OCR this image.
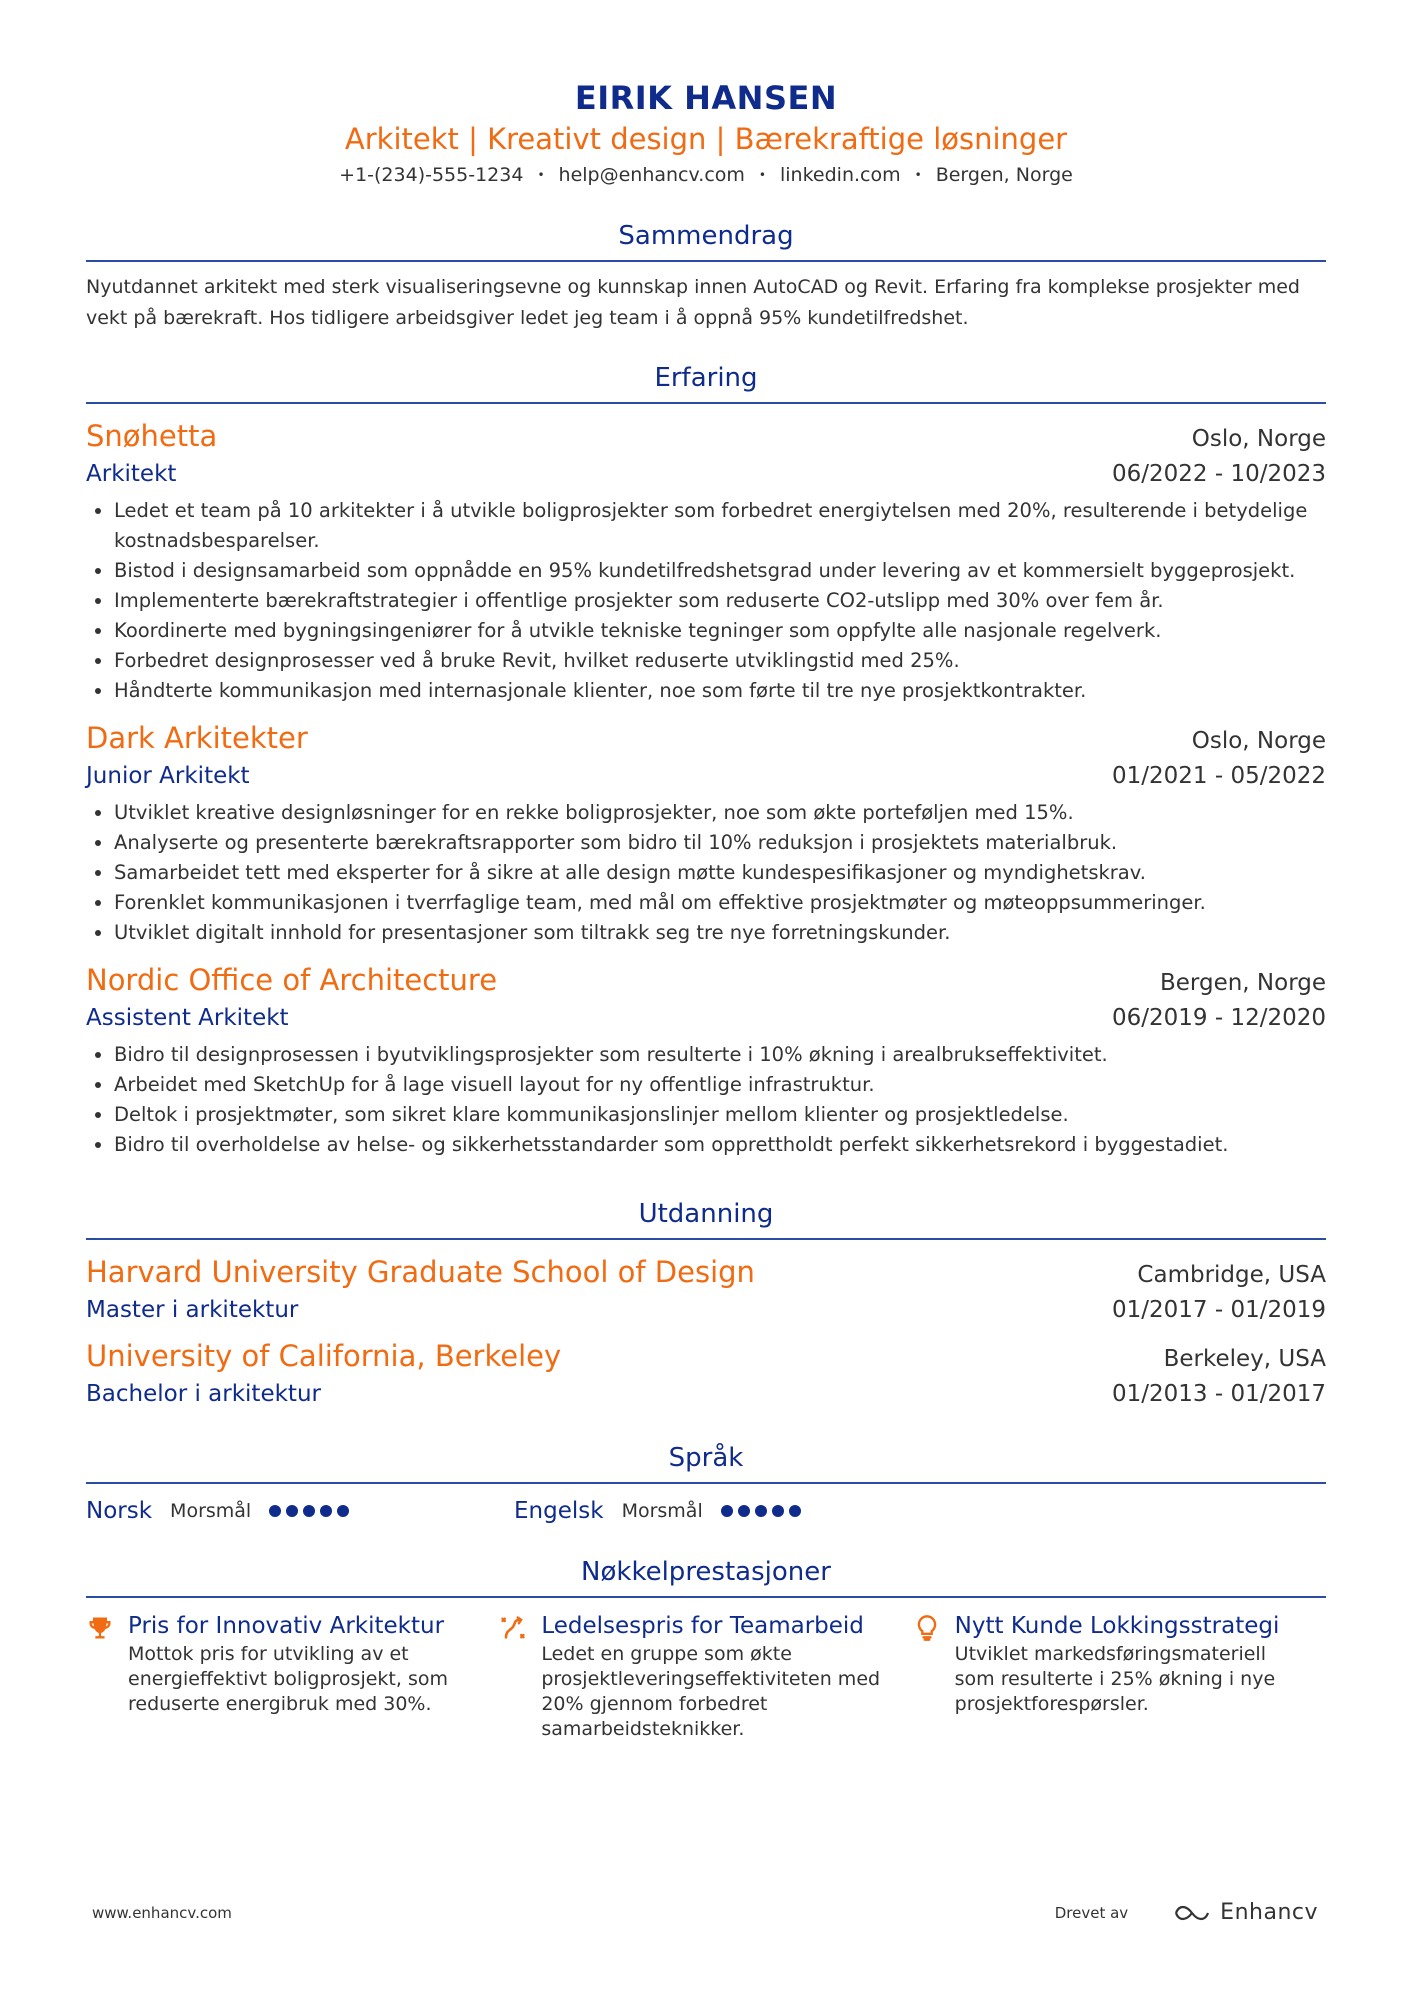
EIRIK HANSEN
Arkitekt | Kreativt design | Bærekraftige løsninger
+1-(234)-555-1234 • help@enhancv.com • linkedin.com • Bergen, Norge
Sammendrag
Nyutdannet arkitekt med sterk visualiseringsevne og kunnskap innen AutoCAD og Revit. Erfaring fra komplekse prosjekter med vekt på bærekraft. Hos tidligere arbeidsgiver ledet jeg team i å oppnå 95% kundetilfredshet.
Erfaring
Snøhetta	Oslo, Norge
Arkitekt	06/2022 - 10/2023
• Ledet et team på 10 arkitekter i å utvikle boligprosjekter som forbedret energiytelsen med 20%, resulterende i betydelige kostnadsbesparelser.
• Bistod i designsamarbeid som oppnådde en 95% kundetilfredshetsgrad under levering av et kommersielt byggeprosjekt.
• Implementerte bærekraftstrategier i offentlige prosjekter som reduserte CO2-utslipp med 30% over fem år.
• Koordinerte med bygningsingeniører for å utvikle tekniske tegninger som oppfylte alle nasjonale regelverk.
• Forbedret designprosesser ved å bruke Revit, hvilket reduserte utviklingstid med 25%.
• Håndterte kommunikasjon med internasjonale klienter, noe som førte til tre nye prosjektkontrakter.
Dark Arkitekter	Oslo, Norge
Junior Arkitekt	01/2021 - 05/2022
• Utviklet kreative designløsninger for en rekke boligprosjekter, noe som økte porteføljen med 15%.
• Analyserte og presenterte bærekraftsrapporter som bidro til 10% reduksjon i prosjektets materialbruk.
• Samarbeidet tett med eksperter for å sikre at alle design møtte kundespesifikasjoner og myndighetskrav.
• Forenklet kommunikasjonen i tverrfaglige team, med mål om effektive prosjektmøter og møteoppsummeringer.
• Utviklet digitalt innhold for presentasjoner som tiltrakk seg tre nye forretningskunder.
Nordic Office of Architecture	Bergen, Norge
Assistent Arkitekt	06/2019 - 12/2020
• Bidro til designprosessen i byutviklingsprosjekter som resulterte i 10% økning i arealbrukseffektivitet.
• Arbeidet med SketchUp for å lage visuell layout for ny offentlige infrastruktur.
• Deltok i prosjektmøter, som sikret klare kommunikasjonslinjer mellom klienter og prosjektledelse.
• Bidro til overholdelse av helse- og sikkerhetsstandarder som opprettholdt perfekt sikkerhetsrekord i byggestadiet.
Utdanning
Harvard University Graduate School of Design	Cambridge, USA
Master i arkitektur	01/2017 - 01/2019
University of California, Berkeley	Berkeley, USA
Bachelor i arkitektur	01/2013 - 01/2017
Språk
Norsk Morsmål	Engelsk Morsmål
Nøkkelprestasjoner
Pris for Innovativ Arkitektur
Mottok pris for utvikling av et energieffektivt boligprosjekt, som reduserte energibruk med 30%.
Ledelsespris for Teamarbeid
Ledet en gruppe som økte prosjektleveringseffektiviteten med 20% gjennom forbedret samarbeidsteknikker.
Nytt Kunde Lokkingsstrategi
Utviklet markedsføringsmateriell som resulterte i 25% økning i nye prosjektforespørsler.
www.enhancv.com	Drevet av	Enhancv
